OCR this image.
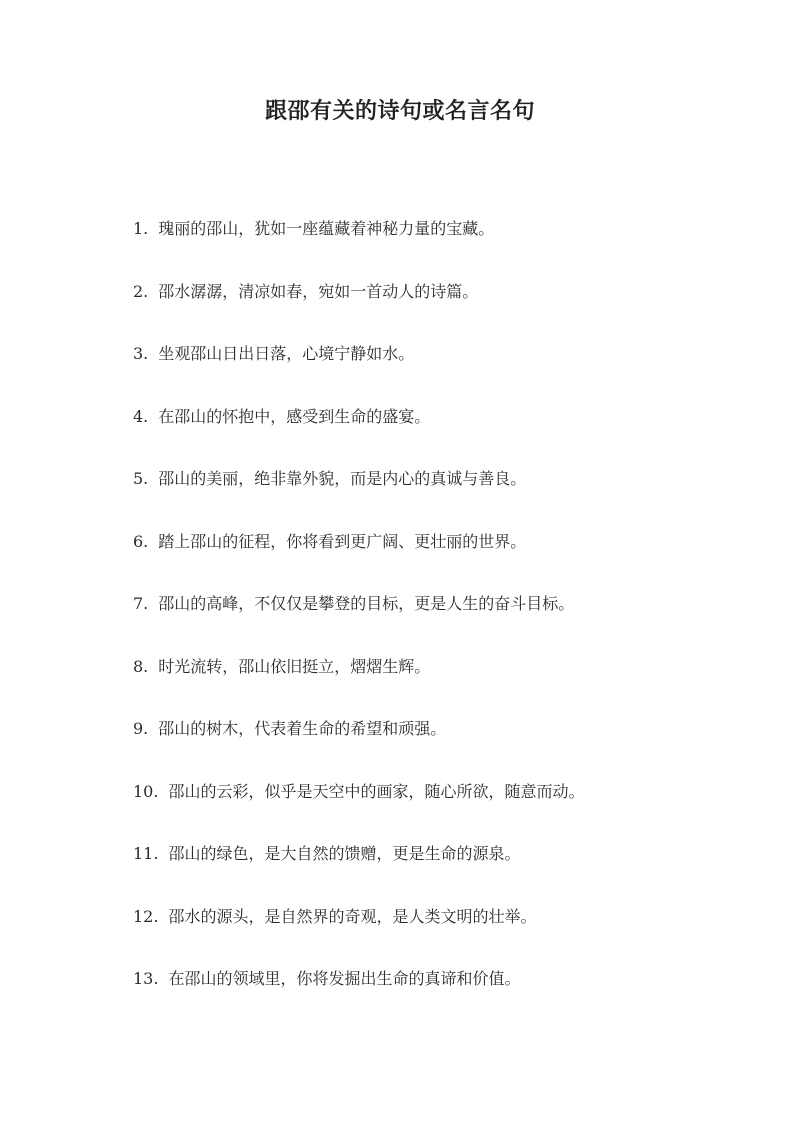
跟邵有关的诗句或名言名句
1. 瑰丽的邵山，犹如一座蕴藏着神秘力量的宝藏。
2. 邵水潺潺，清凉如春，宛如一首动人的诗篇。
3. 坐观邵山日出日落，心境宁静如水。
4. 在邵山的怀抱中，感受到生命的盛宴。
5. 邵山的美丽，绝非靠外貌，而是内心的真诚与善良。
6. 踏上邵山的征程，你将看到更广阔、更壮丽的世界。
7. 邵山的高峰，不仅仅是攀登的目标，更是人生的奋斗目标。
8. 时光流转，邵山依旧挺立，熠熠生辉。
9. 邵山的树木，代表着生命的希望和顽强。
10. 邵山的云彩，似乎是天空中的画家，随心所欲，随意而动。
11. 邵山的绿色，是大自然的馈赠，更是生命的源泉。
12. 邵水的源头，是自然界的奇观，是人类文明的壮举。
13. 在邵山的领域里，你将发掘出生命的真谛和价值。
